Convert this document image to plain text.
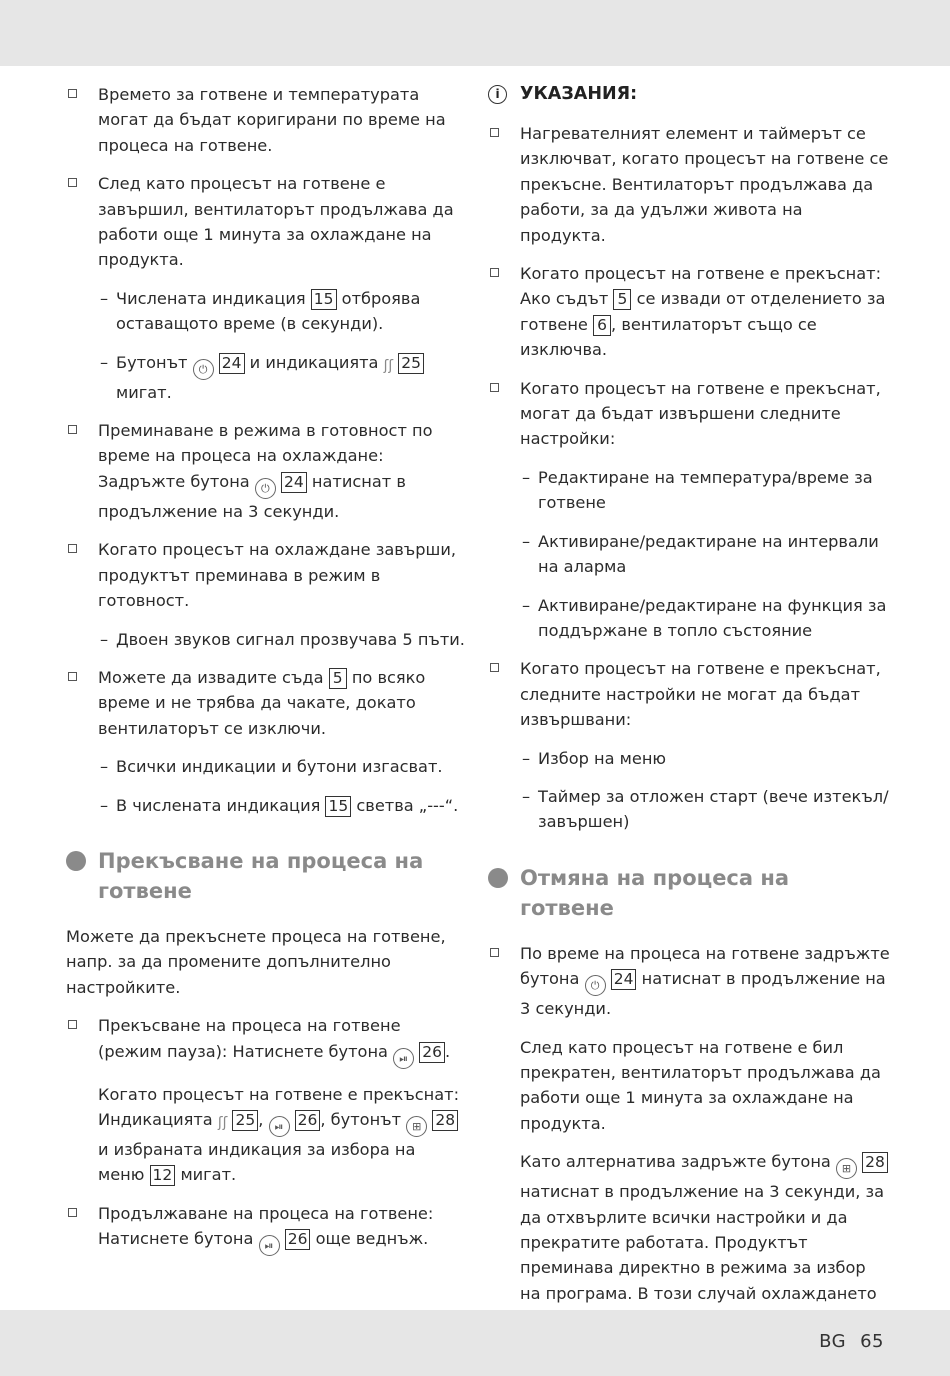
Времето за готвене и температурата могат да бъдат коригирани по време на процеса на готвене.
След като процесът на готвене е завършил, вентилаторът продължава да работи още 1 минута за охлаждане на продукта.
– Числената индикация 15 отброява оставащото време (в секунди).
– Бутонът ⏻ 24 и индикацията ʃʃ 25 мигат.
Преминаване в режима в готовност по време на процеса на охлаждане: Задръжте бутона ⏻ 24 натиснат в продължение на 3 секунди.
Когато процесът на охлаждане завърши, продуктът преминава в режим в готовност.
– Двоен звуков сигнал прозвучава 5 пъти.
Можете да извадите съда 5 по всяко време и не трябва да чакате, докато вентилаторът се изключи.
– Всички индикации и бутони изгасват.
– В числената индикация 15 светва „---“.
Прекъсване на процеса на готвене
Можете да прекъснете процеса на готвене, напр. за да промените допълнително настройките.
Прекъсване на процеса на готвене (режим пауза): Натиснете бутона ⏯ 26 .
Когато процесът на готвене е прекъснат: Индикацията ʃʃ 25 , ⏯ 26 , бутонът ⊞ 28 и избраната индикация за избора на меню 12 мигат.
Продължаване на процеса на готвене: Натиснете бутона ⏯ 26 още веднъж.
i	УКАЗАНИЯ:
Нагревателният елемент и таймерът се изключват, когато процесът на готвене се прекъсне. Вентилаторът продължава да работи, за да удължи живота на продукта.
Когато процесът на готвене е прекъснат: Ако съдът 5 се извади от отделението за готвене 6 , вентилаторът също се изключва.
Когато процесът на готвене е прекъснат, могат да бъдат извършени следните настройки:
– Редактиране на температура/време за готвене
– Активиране/редактиране на интервали на аларма
– Активиране/редактиране на функция за поддържане в топло състояние
Когато процесът на готвене е прекъснат, следните настройки не могат да бъдат извършвани:
– Избор на меню
– Таймер за отложен старт (вече изтекъл/завършен)
Отмяна на процеса на готвене
По време на процеса на готвене задръжте бутона ⏻ 24 натиснат в продължение на 3 секунди.
След като процесът на готвене е бил прекратен, вентилаторът продължава да работи още 1 минута за охлаждане на продукта.
Като алтернатива задръжте бутона ⊞ 28 натиснат в продължение на 3 секунди, за да отхвърлите всички настройки и да прекратите работата. Продуктът преминава директно в режима за избор на програма. В този случай охлаждането
BG 65
